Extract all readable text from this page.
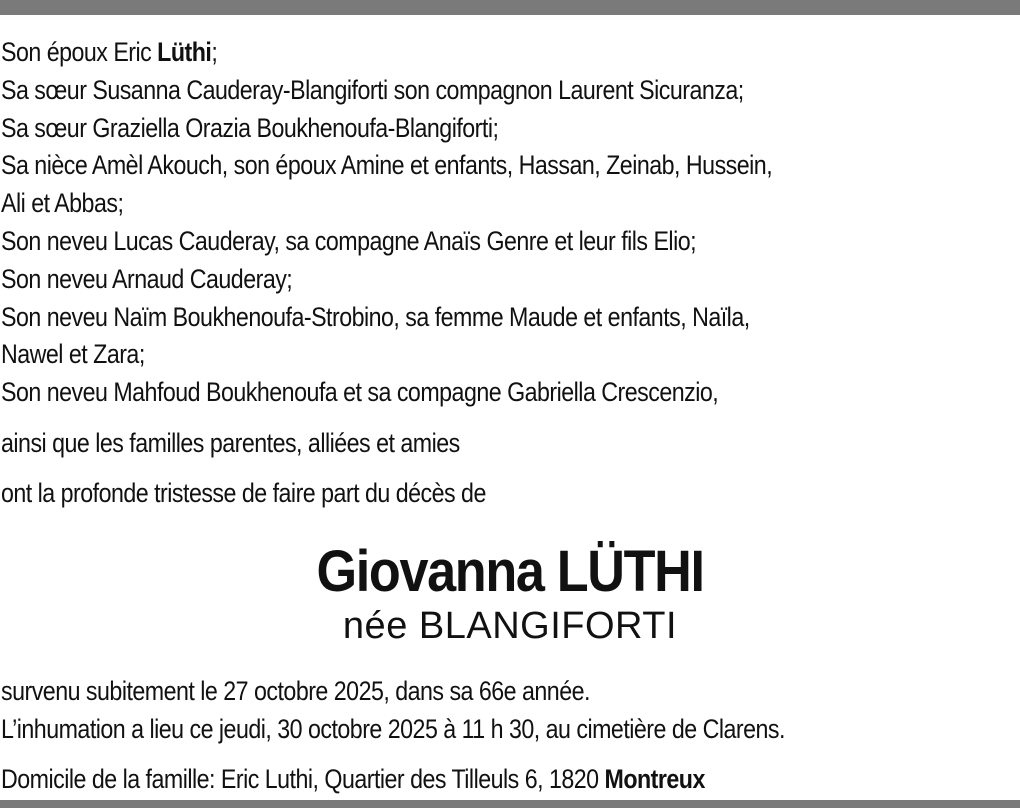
Son époux Eric Lüthi;
Sa sœur Susanna Cauderay-Blangiforti son compagnon Laurent Sicuranza;
Sa sœur Graziella Orazia Boukhenoufa-Blangiforti;
Sa nièce Amèl Akouch, son époux Amine et enfants, Hassan, Zeinab, Hussein,
Ali et Abbas;
Son neveu Lucas Cauderay, sa compagne Anaïs Genre et leur fils Elio;
Son neveu Arnaud Cauderay;
Son neveu Naïm Boukhenoufa-Strobino, sa femme Maude et enfants, Naïla,
Nawel et Zara;
Son neveu Mahfoud Boukhenoufa et sa compagne Gabriella Crescenzio,
ainsi que les familles parentes, alliées et amies
ont la profonde tristesse de faire part du décès de
Giovanna LÜTHI
née BLANGIFORTI
survenu subitement le 27 octobre 2025, dans sa 66e année.
L’inhumation a lieu ce jeudi, 30 octobre 2025 à 11 h 30, au cimetière de Clarens.
Domicile de la famille: Eric Luthi, Quartier des Tilleuls 6, 1820 Montreux
